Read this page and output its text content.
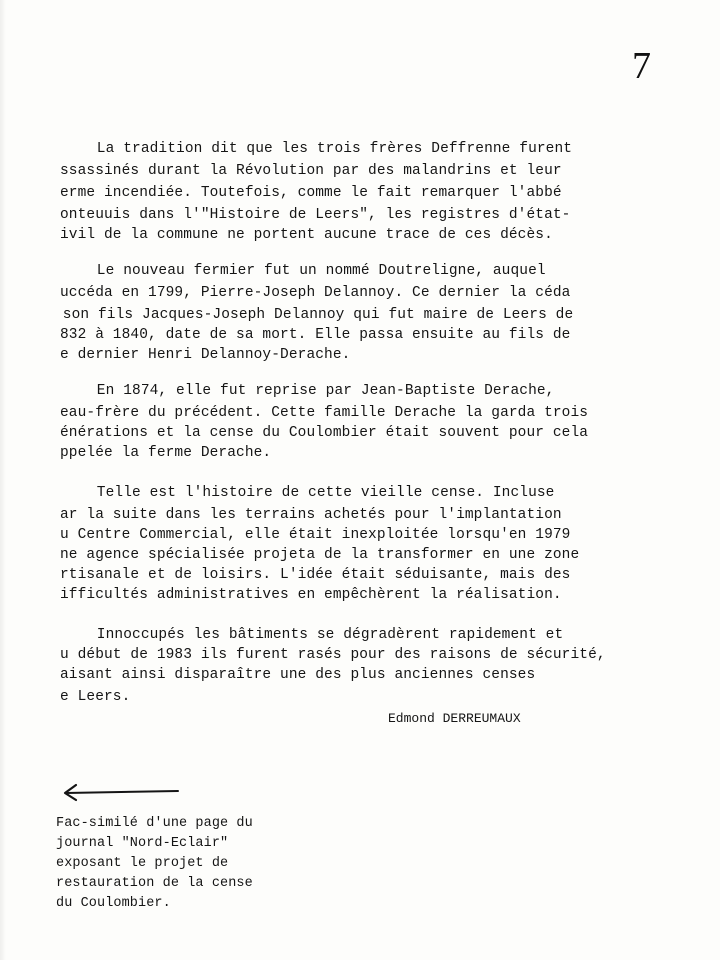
7
La tradition dit que les trois frères Deffrenne furent
ssassinés durant la Révolution par des malandrins et leur
erme incendiée. Toutefois, comme le fait remarquer l'abbé
onteuuis dans l'"Histoire de Leers", les registres d'état-
ivil de la commune ne portent aucune trace de ces décès.
Le nouveau fermier fut un nommé Doutreligne, auquel
uccéda en 1799, Pierre-Joseph Delannoy. Ce dernier la céda
son fils Jacques-Joseph Delannoy qui fut maire de Leers de
832 à 1840, date de sa mort. Elle passa ensuite au fils de
e dernier Henri Delannoy-Derache.
En 1874, elle fut reprise par Jean-Baptiste Derache,
eau-frère du précédent. Cette famille Derache la garda trois
énérations et la cense du Coulombier était souvent pour cela
ppelée la ferme Derache.
Telle est l'histoire de cette vieille cense. Incluse
ar la suite dans les terrains achetés pour l'implantation
u Centre Commercial, elle était inexploitée lorsqu'en 1979
ne agence spécialisée projeta de la transformer en une zone
rtisanale et de loisirs. L'idée était séduisante, mais des
ifficultés administratives en empêchèrent la réalisation.
Innoccupés les bâtiments se dégradèrent rapidement et
u début de 1983 ils furent rasés pour des raisons de sécurité,
aisant ainsi disparaître une des plus anciennes censes
e Leers.
Edmond DERREUMAUX
Fac-similé d'une page du
journal "Nord-Eclair"
exposant le projet de
restauration de la cense
du Coulombier.
